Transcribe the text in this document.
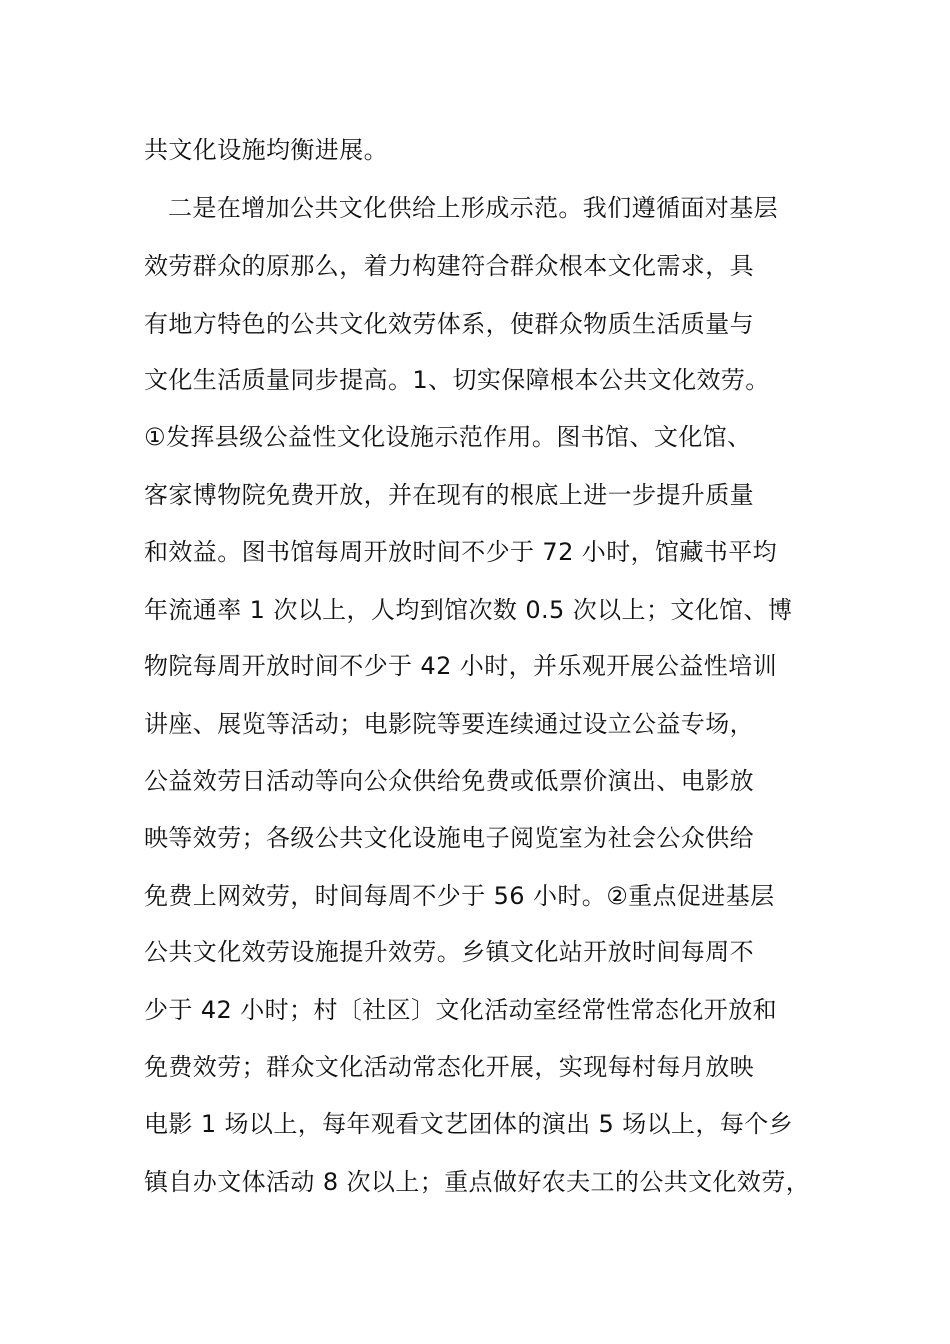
共文化设施均衡进展。
二是在增加公共文化供给上形成示范。我们遵循面对基层
效劳群众的原那么，着力构建符合群众根本文化需求，具
有地方特色的公共文化效劳体系，使群众物质生活质量与
文化生活质量同步提高。1、切实保障根本公共文化效劳。
①发挥县级公益性文化设施示范作用。图书馆、文化馆、
客家博物院免费开放，并在现有的根底上进一步提升质量
和效益。图书馆每周开放时间不少于 72 小时，馆藏书平均
年流通率 1 次以上，人均到馆次数 0.5 次以上；文化馆、博
物院每周开放时间不少于 42 小时，并乐观开展公益性培训
讲座、展览等活动；电影院等要连续通过设立公益专场，
公益效劳日活动等向公众供给免费或低票价演出、电影放
映等效劳；各级公共文化设施电子阅览室为社会公众供给
免费上网效劳，时间每周不少于 56 小时。②重点促进基层
公共文化效劳设施提升效劳。乡镇文化站开放时间每周不
少于 42 小时；村〔社区〕文化活动室经常性常态化开放和
免费效劳；群众文化活动常态化开展，实现每村每月放映
电影 1 场以上，每年观看文艺团体的演出 5 场以上，每个乡
镇自办文体活动 8 次以上；重点做好农夫工的公共文化效劳，
